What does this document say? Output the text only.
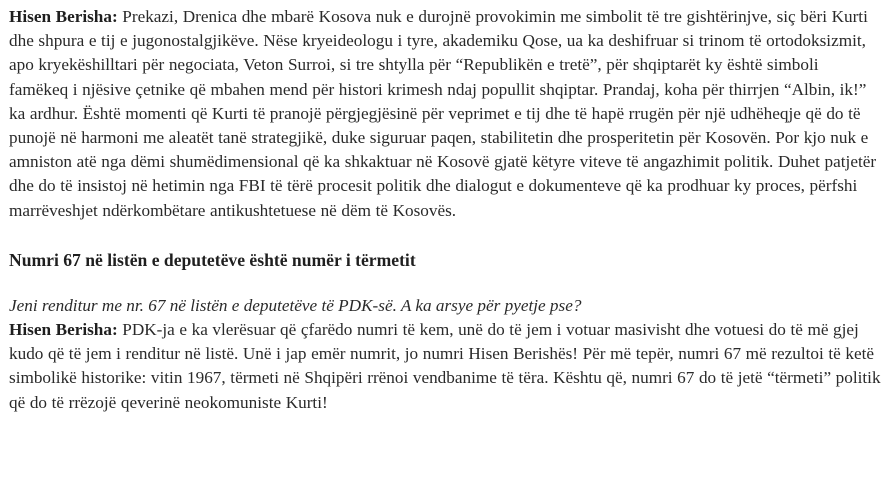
Hisen Berisha: Prekazi, Drenica dhe mbarë Kosova nuk e durojnë provokimin me simbolit të tre gishtërinjve, siç bëri Kurti dhe shpura e tij e jugonostalgjikëve. Nëse kryeideologu i tyre, akademiku Qose, ua ka deshifruar si trinom të ortodoksizmit, apo kryekëshilltari për negociata, Veton Surroi, si tre shtylla për “Republikën e tretë”, për shqiptarët ky është simboli famëkeq i njësive çetnike që mbahen mend për histori krimesh ndaj popullit shqiptar. Prandaj, koha për thirrjen “Albin, ik!” ka ardhur. Është momenti që Kurti të pranojë përgjegjësinë për veprimet e tij dhe të hapë rrugën për një udhëheqje që do të punojë në harmoni me aleatët tanë strategjikë, duke siguruar paqen, stabilitetin dhe prosperitetin për Kosovën. Por kjo nuk e amniston atë nga dëmi shumëdimensional që ka shkaktuar në Kosovë gjatë këtyre viteve të angazhimit politik. Duhet patjetër dhe do të insistoj në hetimin nga FBI të tërë procesit politik dhe dialogut e dokumenteve që ka prodhuar ky proces, përfshi marrëveshjet ndërkombëtare antikushtetuese në dëm të Kosovës.

Numri 67 në listën e deputetëve është numër i tërmetit

Jeni renditur me nr. 67 në listën e deputetëve të PDK-së. A ka arsye për pyetje pse?

Hisen Berisha: PDK-ja e ka vlerësuar që çfarëdo numri të kem, unë do të jem i votuar masivisht dhe votuesi do të më gjej kudo që të jem i renditur në listë. Unë i jap emër numrit, jo numri Hisen Berishës! Për më tepër, numri 67 më rezultoi të ketë simbolikë historike: vitin 1967, tërmeti në Shqipëri rrënoi vendbanime të tëra. Kështu që, numri 67 do të jetë “tërmeti” politik që do të rrëzojë qeverinë neokomuniste Kurti!
